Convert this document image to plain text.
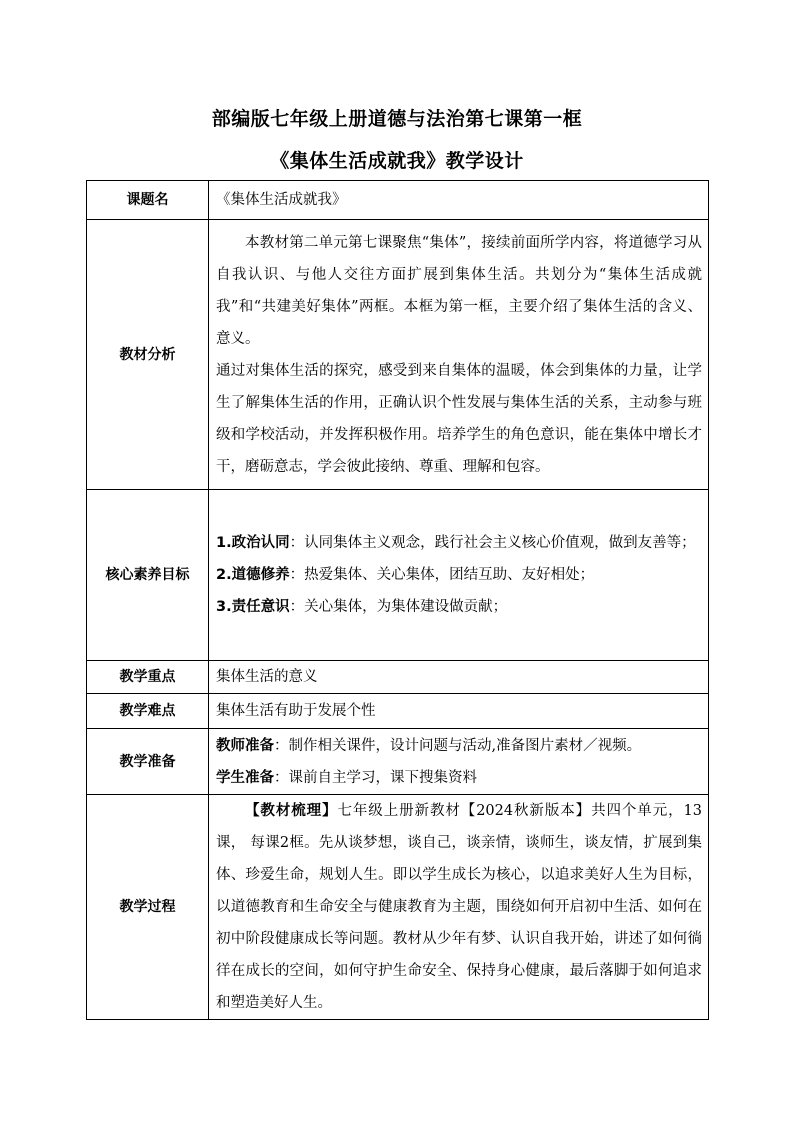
部编版七年级上册道德与法治第七课第一框
《集体生活成就我》教学设计
课题名	《集体生活成就我》
教材分析	本教材第二单元第七课聚焦“集体”，接续前面所学内容，将道德学习从自我认识、与他人交往方面扩展到集体生活。共划分为“集体生活成就我”和“共建美好集体”两框。本框为第一框，主要介绍了集体生活的含义、意义。

通过对集体生活的探究，感受到来自集体的温暖，体会到集体的力量，让学生了解集体生活的作用，正确认识个性发展与集体生活的关系，主动参与班级和学校活动，并发挥积极作用。培养学生的角色意识，能在集体中增长才干，磨砺意志，学会彼此接纳、尊重、理解和包容。

核心素养目标	1.政治认同：认同集体主义观念，践行社会主义核心价值观，做到友善等；

2.道德修养：热爱集体、关心集体，团结互助、友好相处；

3.责任意识：关心集体，为集体建设做贡献；

教学重点	集体生活的意义
教学难点	集体生活有助于发展个性
教学准备	教师准备：制作相关课件，设计问题与活动,准备图片素材／视频。

学生准备：课前自主学习，课下搜集资料

教学过程	【教材梳理】七年级上册新教材【2024秋新版本】共四个单元，13课， 每课2框。先从谈梦想，谈自己，谈亲情，谈师生，谈友情，扩展到集体、珍爱生命，规划人生。即以学生成长为核心，以追求美好人生为目标，以道德教育和生命安全与健康教育为主题，围绕如何开启初中生活、如何在初中阶段健康成长等问题。教材从少年有梦、认识自我开始，讲述了如何徜徉在成长的空间，如何守护生命安全、保持身心健康，最后落脚于如何追求和塑造美好人生。
